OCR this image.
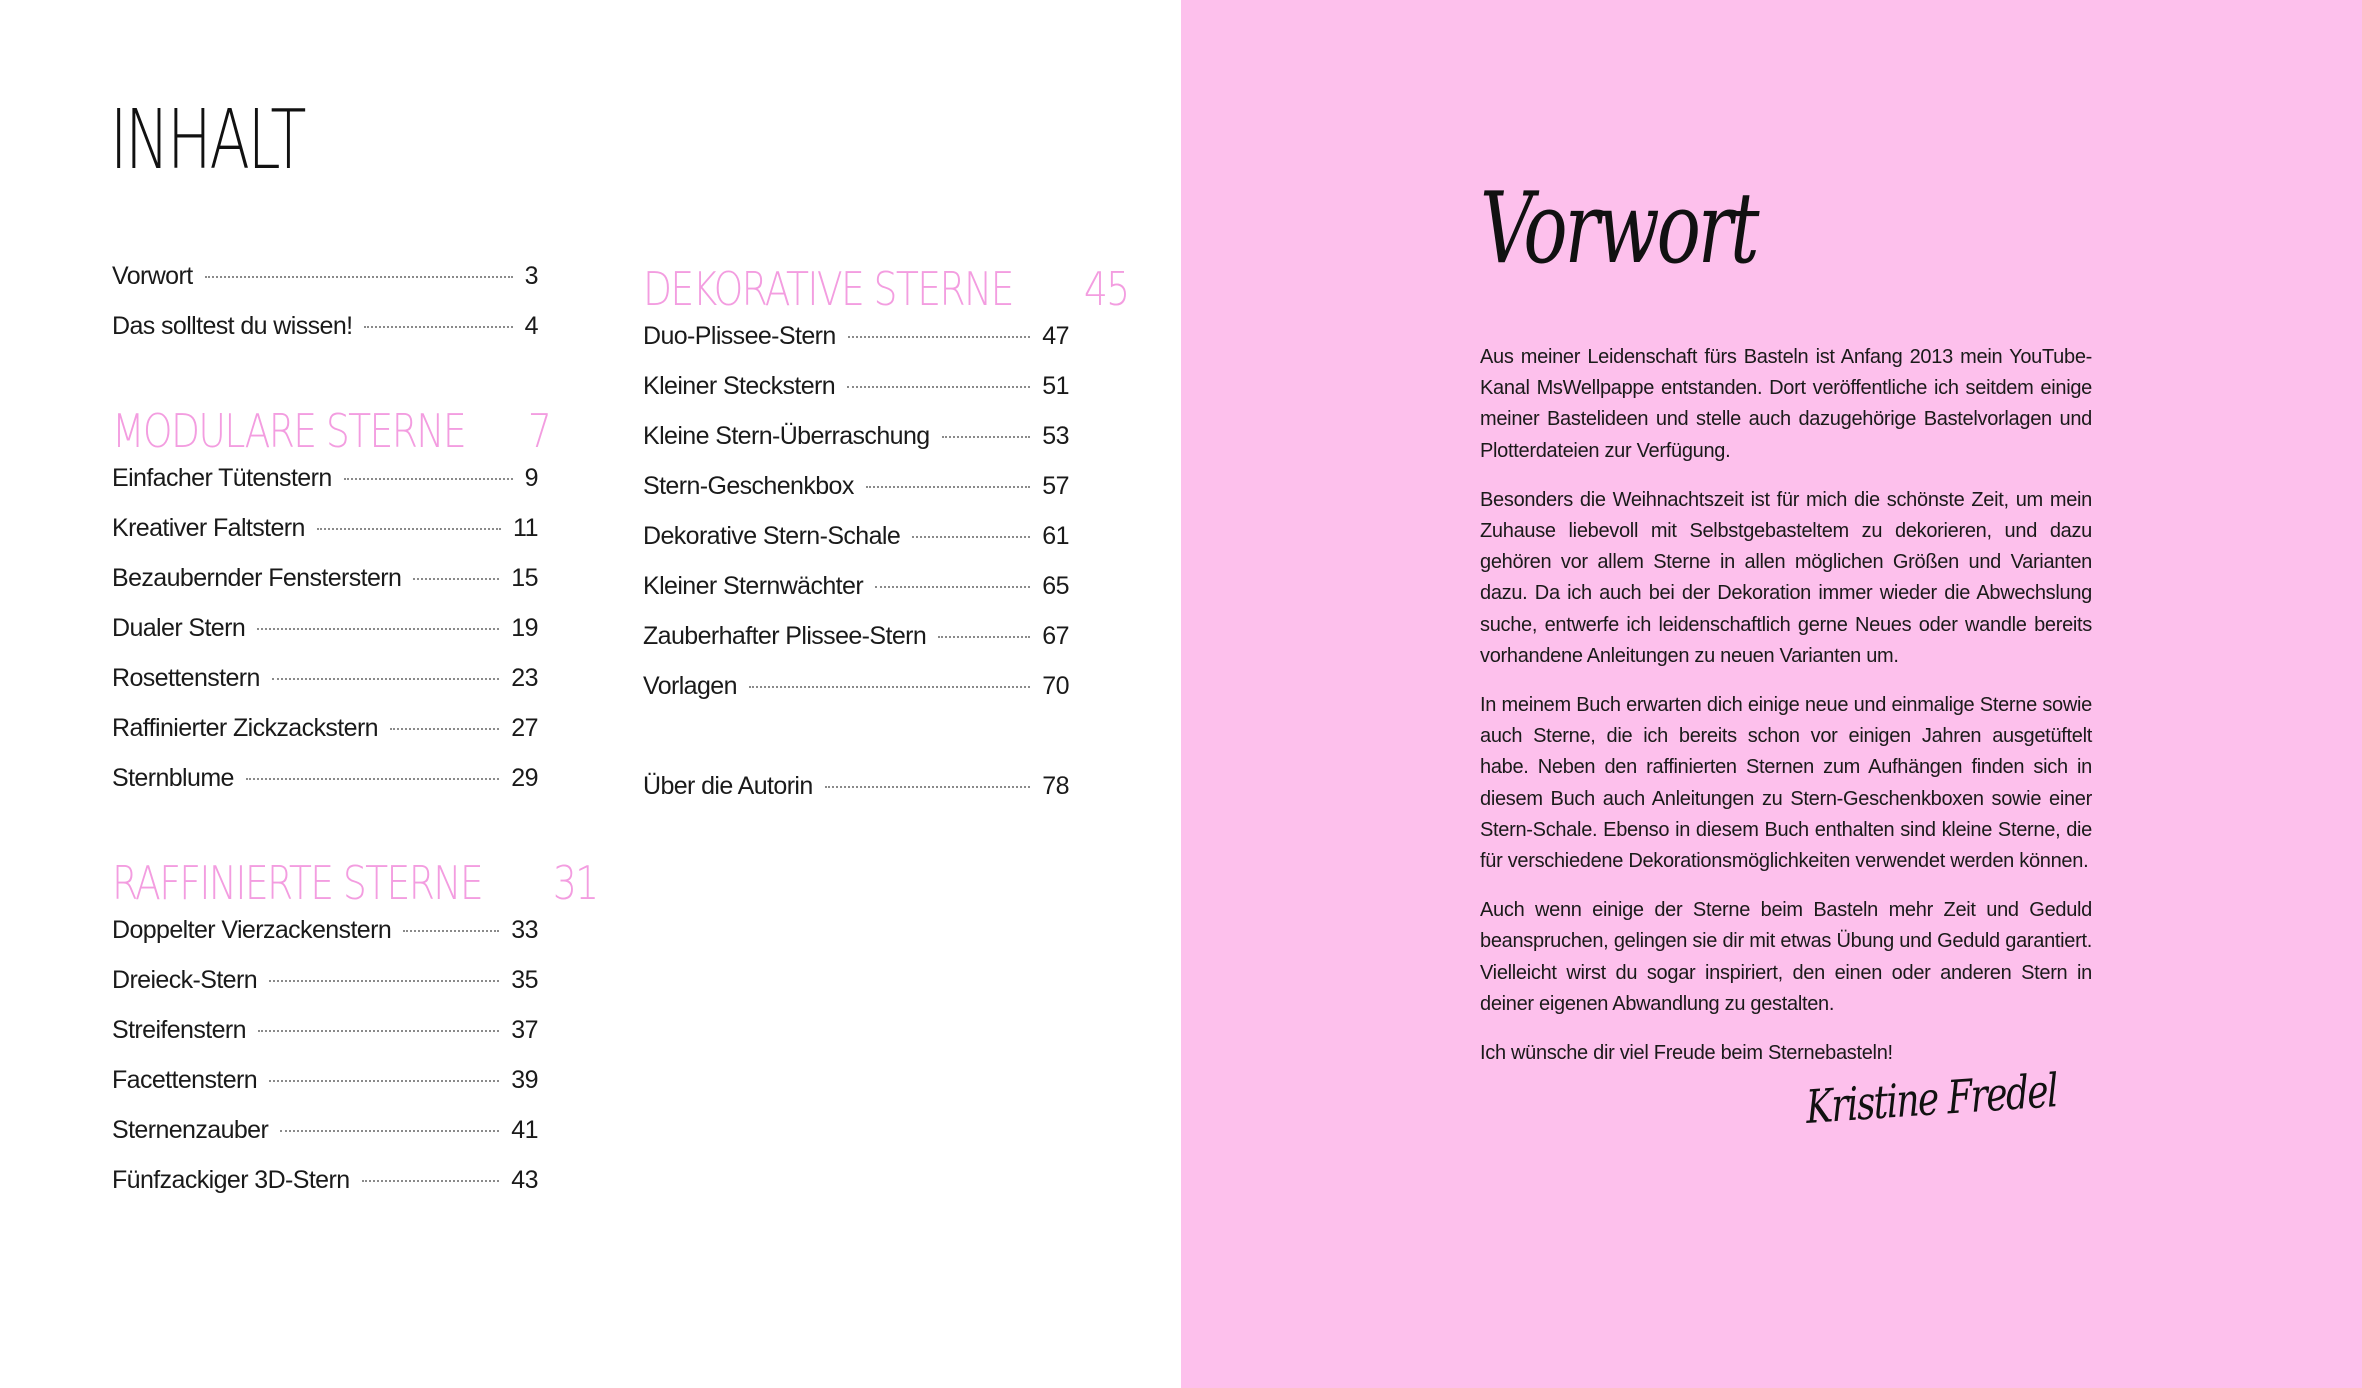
INHALT
Vorwort	3
Das solltest du wissen!	4
MODULARE STERNE 7
Einfacher Tütenstern	9
Kreativer Faltstern	11
Bezaubernder Fensterstern	15
Dualer Stern	19
Rosettenstern	23
Raffinierter Zickzackstern	27
Sternblume	29
RAFFINIERTE STERNE 31
Doppelter Vierzackenstern	33
Dreieck-Stern	35
Streifenstern	37
Facettenstern	39
Sternenzauber	41
Fünfzackiger 3D-Stern	43
DEKORATIVE STERNE 45
Duo-Plissee-Stern	47
Kleiner Steckstern	51
Kleine Stern-Überraschung	53
Stern-Geschenkbox	57
Dekorative Stern-Schale	61
Kleiner Sternwächter	65
Zauberhafter Plissee-Stern	67
Vorlagen	70
Über die Autorin	78
Vorwort

Aus meiner Leidenschaft fürs Basteln ist Anfang 2013 mein YouTube-Kanal MsWellpappe entstanden. Dort veröffentliche ich seitdem einige meiner Bastelideen und stelle auch dazugehörige Bastelvorlagen und Plotterdateien zur Verfügung.

Besonders die Weihnachtszeit ist für mich die schönste Zeit, um mein Zuhause liebevoll mit Selbstgebasteltem zu dekorieren, und dazu gehören vor allem Sterne in allen möglichen Größen und Varianten dazu. Da ich auch bei der Dekoration immer wieder die Abwechslung suche, entwerfe ich leidenschaftlich gerne Neues oder wandle bereits vorhandene Anleitungen zu neuen Varianten um.

In meinem Buch erwarten dich einige neue und einmalige Sterne sowie auch Sterne, die ich bereits schon vor einigen Jahren ausgetüftelt habe. Neben den raffinierten Sternen zum Aufhängen finden sich in diesem Buch auch Anleitungen zu Stern-Geschenkboxen sowie einer Stern-Schale. Ebenso in diesem Buch enthalten sind kleine Sterne, die für verschiedene Dekorationsmöglichkeiten verwendet werden können.

Auch wenn einige der Sterne beim Basteln mehr Zeit und Geduld beanspruchen, gelingen sie dir mit etwas Übung und Geduld garantiert. Vielleicht wirst du sogar inspiriert, den einen oder anderen Stern in deiner eigenen Abwandlung zu gestalten.

Ich wünsche dir viel Freude beim Sternebasteln!

Kristine Fredel
